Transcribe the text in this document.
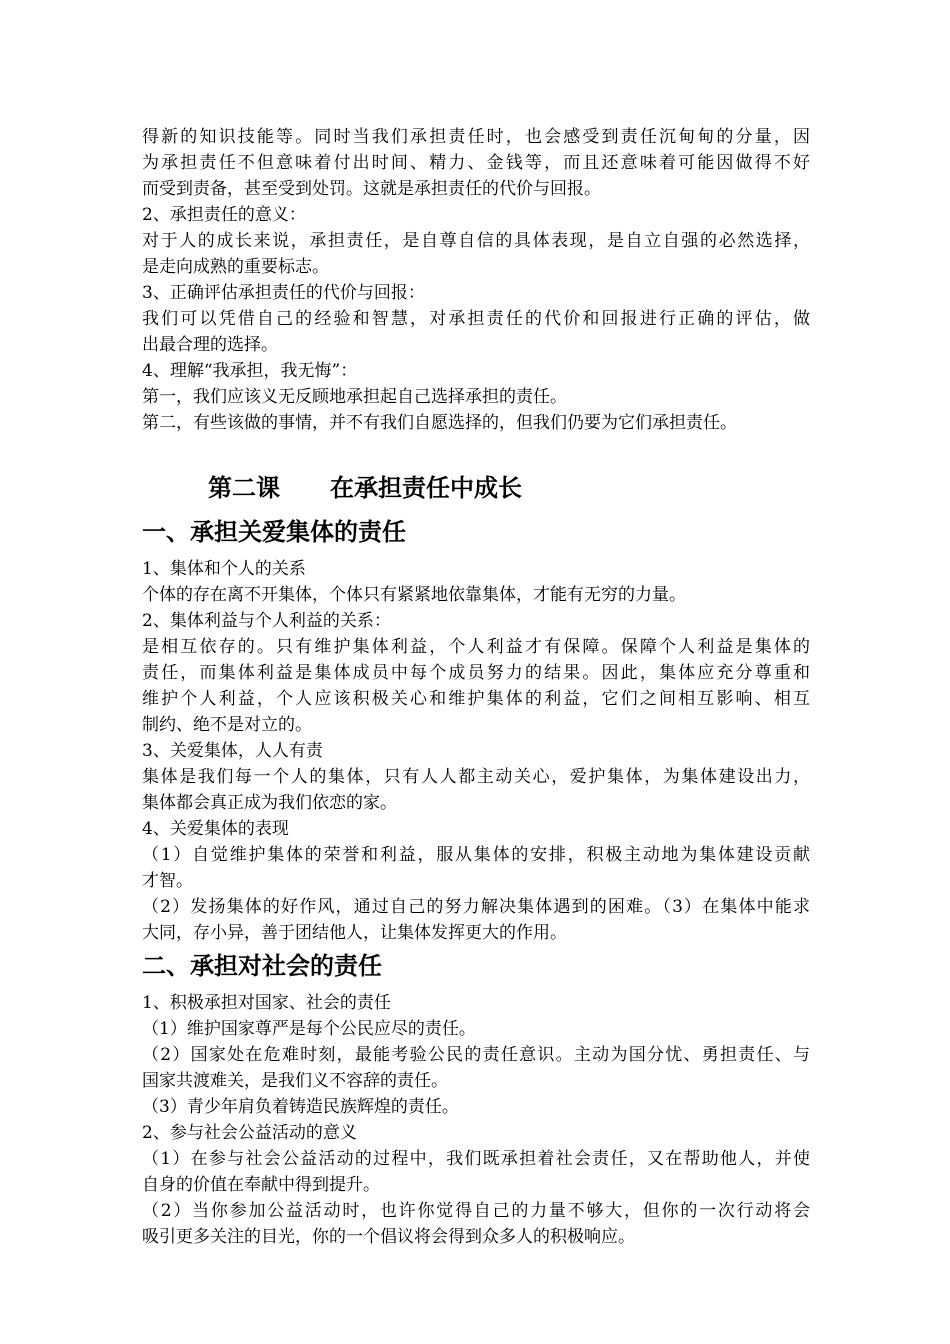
得新的知识技能等。同时当我们承担责任时，也会感受到责任沉甸甸的分量，因
为承担责任不但意味着付出时间、精力、金钱等，而且还意味着可能因做得不好
而受到责备，甚至受到处罚。这就是承担责任的代价与回报。
2、承担责任的意义：
对于人的成长来说，承担责任，是自尊自信的具体表现，是自立自强的必然选择，
是走向成熟的重要标志。
3、正确评估承担责任的代价与回报：
我们可以凭借自己的经验和智慧，对承担责任的代价和回报进行正确的评估，做
出最合理的选择。
4、理解“我承担，我无悔”：
第一，我们应该义无反顾地承担起自己选择承担的责任。
第二，有些该做的事情，并不有我们自愿选择的，但我们仍要为它们承担责任。
第二课 在承担责任中成长
一、承担关爱集体的责任
1、集体和个人的关系
个体的存在离不开集体，个体只有紧紧地依靠集体，才能有无穷的力量。
2、集体利益与个人利益的关系：
是相互依存的。只有维护集体利益，个人利益才有保障。保障个人利益是集体的
责任，而集体利益是集体成员中每个成员努力的结果。因此，集体应充分尊重和
维护个人利益，个人应该积极关心和维护集体的利益，它们之间相互影响、相互
制约、绝不是对立的。
3、关爱集体，人人有责
集体是我们每一个人的集体，只有人人都主动关心，爱护集体，为集体建设出力，
集体都会真正成为我们依恋的家。
4、关爱集体的表现
（1）自觉维护集体的荣誉和利益，服从集体的安排，积极主动地为集体建设贡献
才智。
（2）发扬集体的好作风，通过自己的努力解决集体遇到的困难。（3）在集体中能求
大同，存小异，善于团结他人，让集体发挥更大的作用。
二、承担对社会的责任
1、积极承担对国家、社会的责任
（1）维护国家尊严是每个公民应尽的责任。
（2）国家处在危难时刻，最能考验公民的责任意识。主动为国分忧、勇担责任、与
国家共渡难关，是我们义不容辞的责任。
（3）青少年肩负着铸造民族辉煌的责任。
2、参与社会公益活动的意义
（1）在参与社会公益活动的过程中，我们既承担着社会责任，又在帮助他人，并使
自身的价值在奉献中得到提升。
（2）当你参加公益活动时，也许你觉得自己的力量不够大，但你的一次行动将会
吸引更多关注的目光，你的一个倡议将会得到众多人的积极响应。
